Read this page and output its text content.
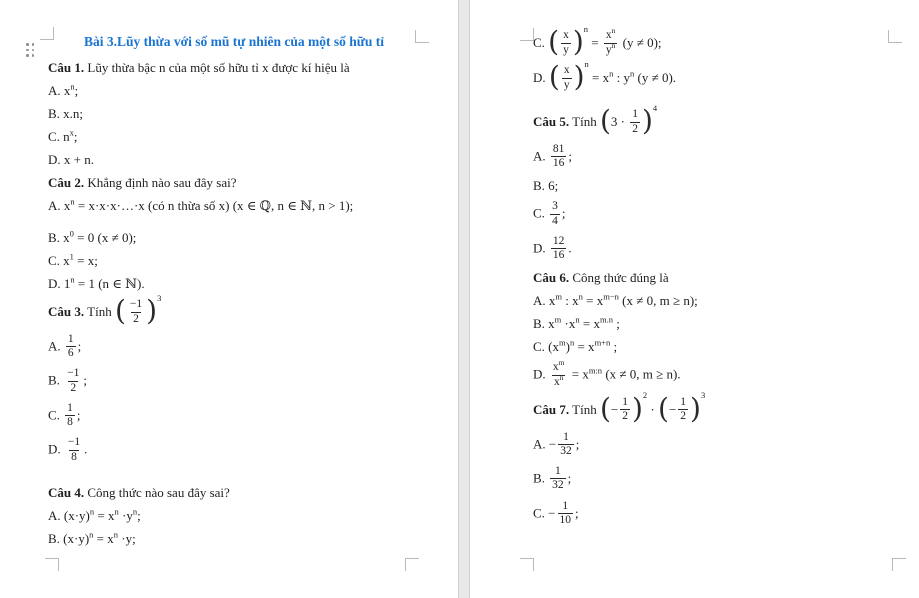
Bài 3.Lũy thừa với số mũ tự nhiên của một số hữu tỉ
Câu 1. Lũy thừa bậc n của một số hữu tỉ x được kí hiệu là
A. $x^n$;
B. x.n;
C. $n^x$;
D. x + n.
Câu 2. Khẳng định nào sau đây sai?
A. $x^n$ = x·x·x·…·x (có n thừa số x) (x ∈ ℚ, n ∈ ℕ, n > 1);
B. $x^0 = 0$ (x ≠ 0);
C. $x^1 = x$;
D. $1^n = 1$ (n ∈ ℕ).
Câu 3. Tính ( $\frac{-1}{2} )^3$
A. $\frac{1}{6}$ ;
B. $\frac{-1}{2}$ ;
C. $\frac{1}{8}$ ;
D. $\frac{-1}{8}$ .
Câu 4. Công thức nào sau đây sai?
A. $(x\cdot y)^n = x^n \cdot y^n$;
B. $(x\cdot y)^n = x^n \cdot y$;
C. ( $\frac{x}{y} )^n = \frac{x^n}{y^n} (y \ne 0)$;
D. ( $\frac{x}{y} )^n = x^n$ : $y^n$ (y ≠ 0).
Câu 5. Tính $(3 \cdot \frac{1}{2} )^4$
A. $\frac{81}{16}$ ;
B. 6;
C. $\frac{3}{4}$ ;
D. $\frac{12}{16}$ .
Câu 6. Công thức đúng là
A. $x^m$ : $x^n = x^{m-n}$ (x ≠ 0, m ≥ n);
B. $x^m \cdot x^n = x^{m.n}$ ;
C. $(x^m)^n = x^{m+n}$ ;
D. $\frac{x^m}{x^n} = x^{m:n}$ (x ≠ 0, m ≥ n).
Câu 7. Tính (− $\frac{1}{2} )^2$ · (− $\frac{1}{2} )^3$
A. − $\frac{1}{32}$ ;
B. $\frac{1}{32}$ ;
C. − $\frac{1}{10}$ ;
